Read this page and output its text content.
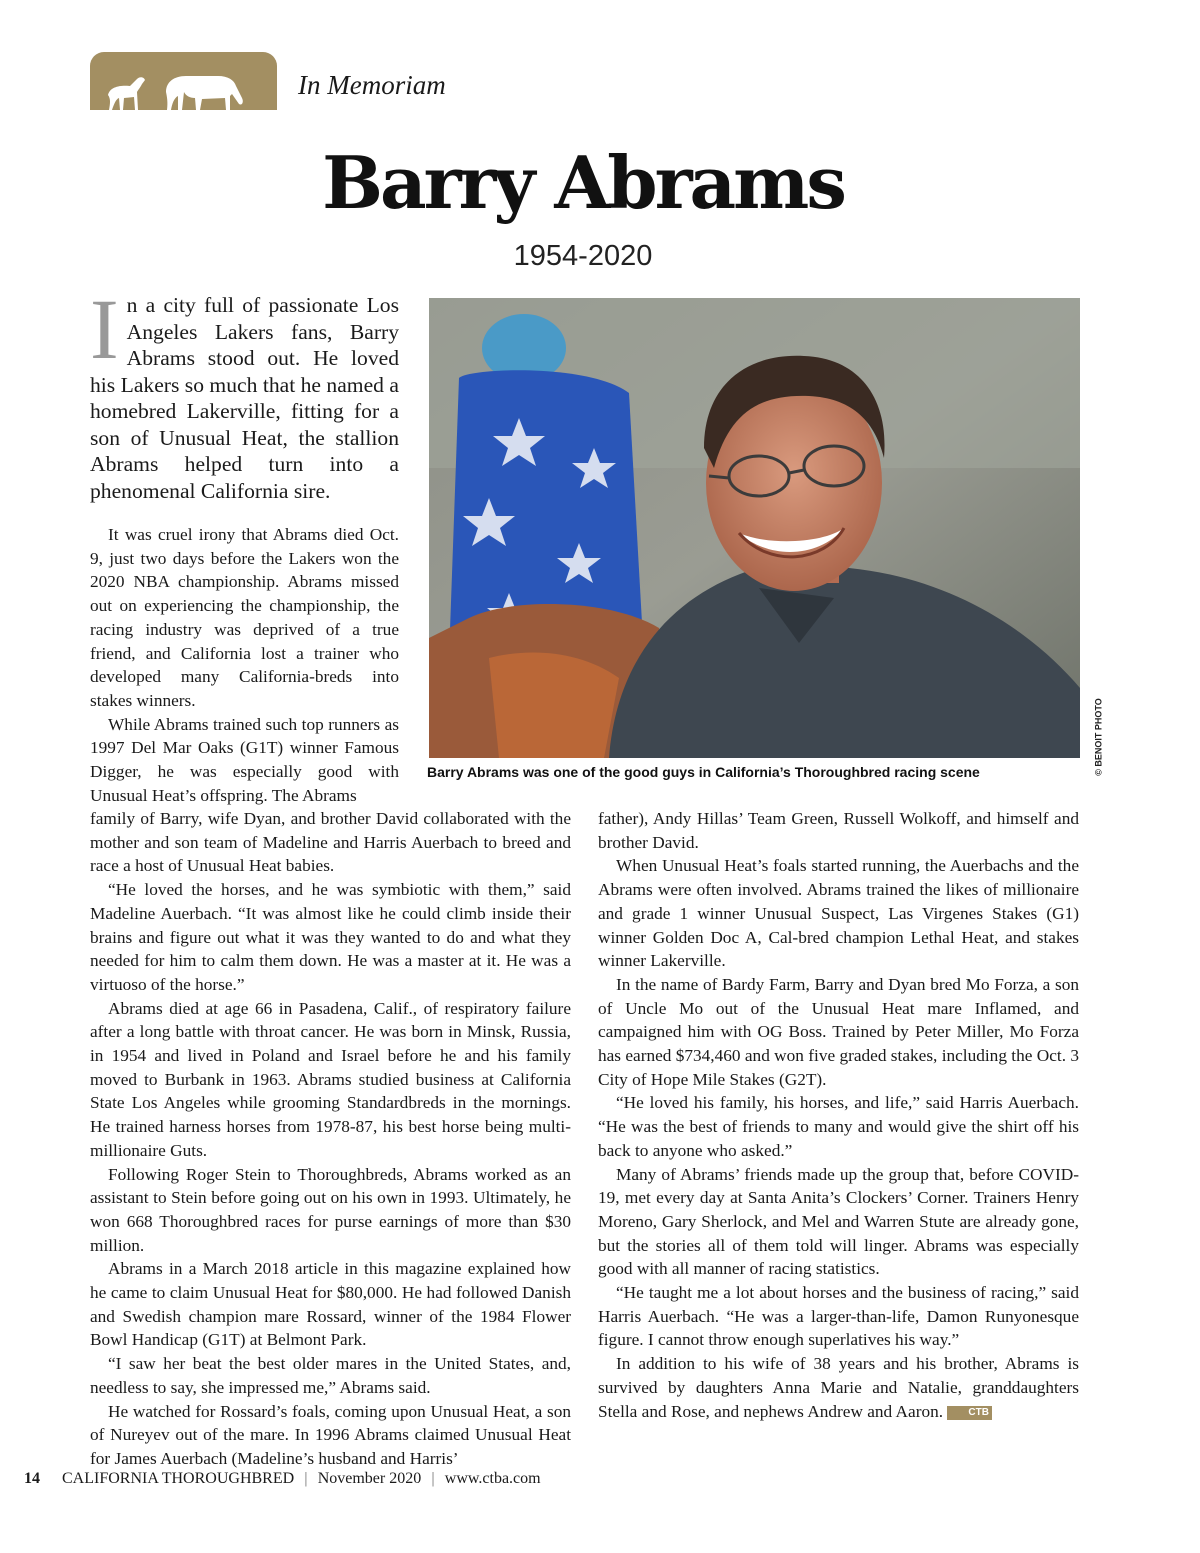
In Memoriam
Barry Abrams
1954-2020
In a city full of passionate Los Angeles Lakers fans, Barry Abrams stood out. He loved his Lakers so much that he named a homebred Lakerville, fitting for a son of Unusual Heat, the stallion Abrams helped turn into a phenomenal California sire.

It was cruel irony that Abrams died Oct. 9, just two days before the Lakers won the 2020 NBA championship. Abrams missed out on experiencing the championship, the racing industry was deprived of a true friend, and California lost a trainer who developed many California-breds into stakes winners.

While Abrams trained such top runners as 1997 Del Mar Oaks (G1T) winner Famous Digger, he was especially good with Unusual Heat’s offspring. The Abrams

© BENOIT PHOTO
Barry Abrams was one of the good guys in California’s Thoroughbred racing scene

family of Barry, wife Dyan, and brother David collaborated with the mother and son team of Madeline and Harris Auerbach to breed and race a host of Unusual Heat babies.

“He loved the horses, and he was symbiotic with them,” said Madeline Auerbach. “It was almost like he could climb inside their brains and figure out what it was they wanted to do and what they needed for him to calm them down. He was a master at it. He was a virtuoso of the horse.”

Abrams died at age 66 in Pasadena, Calif., of respiratory failure after a long battle with throat cancer. He was born in Minsk, Russia, in 1954 and lived in Poland and Israel before he and his family moved to Burbank in 1963. Abrams studied business at California State Los Angeles while grooming Standardbreds in the mornings. He trained harness horses from 1978-87, his best horse being multi-millionaire Guts.

Following Roger Stein to Thoroughbreds, Abrams worked as an assistant to Stein before going out on his own in 1993. Ultimately, he won 668 Thoroughbred races for purse earnings of more than $30 million.

Abrams in a March 2018 article in this magazine explained how he came to claim Unusual Heat for $80,000. He had followed Danish and Swedish champion mare Rossard, winner of the 1984 Flower Bowl Handicap (G1T) at Belmont Park.

“I saw her beat the best older mares in the United States, and, needless to say, she impressed me,” Abrams said.

He watched for Rossard’s foals, coming upon Unusual Heat, a son of Nureyev out of the mare. In 1996 Abrams claimed Unusual Heat for James Auerbach (Madeline’s husband and Harris’

father), Andy Hillas’ Team Green, Russell Wolkoff, and himself and brother David.

When Unusual Heat’s foals started running, the Auerbachs and the Abrams were often involved. Abrams trained the likes of millionaire and grade 1 winner Unusual Suspect, Las Virgenes Stakes (G1) winner Golden Doc A, Cal-bred champion Lethal Heat, and stakes winner Lakerville.

In the name of Bardy Farm, Barry and Dyan bred Mo Forza, a son of Uncle Mo out of the Unusual Heat mare Inflamed, and campaigned him with OG Boss. Trained by Peter Miller, Mo Forza has earned $734,460 and won five graded stakes, including the Oct. 3 City of Hope Mile Stakes (G2T).

“He loved his family, his horses, and life,” said Harris Auerbach. “He was the best of friends to many and would give the shirt off his back to anyone who asked.”

Many of Abrams’ friends made up the group that, before COVID-19, met every day at Santa Anita’s Clockers’ Corner. Trainers Henry Moreno, Gary Sherlock, and Mel and Warren Stute are already gone, but the stories all of them told will linger. Abrams was especially good with all manner of racing statistics.

“He taught me a lot about horses and the business of racing,” said Harris Auerbach. “He was a larger-than-life, Damon Runyonesque figure. I cannot throw enough superlatives his way.”

In addition to his wife of 38 years and his brother, Abrams is survived by daughters Anna Marie and Natalie, granddaughters Stella and Rose, and nephews Andrew and Aaron.	CTB

14 CALIFORNIA THOROUGHBRED | November 2020 | www.ctba.com
